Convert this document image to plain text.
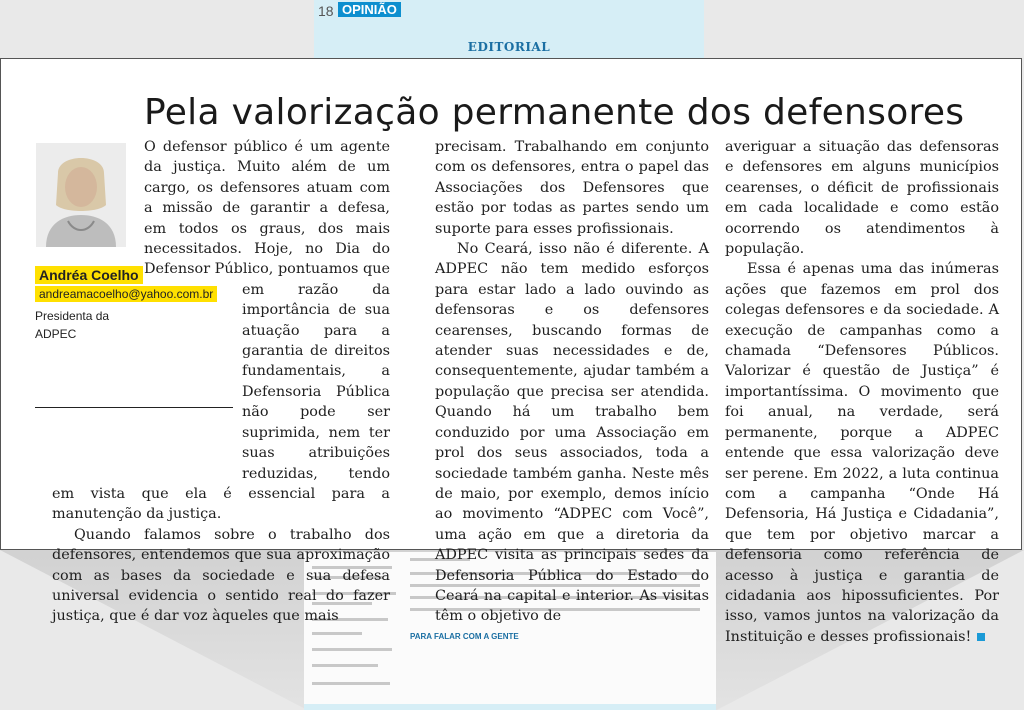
18 OPINIÃO
EDITORIAL
PARA FALAR COM A GENTE
Pela valorização permanente dos defensores
Andréa Coelho
andreamacoelho@yahoo.com.br
Presidenta da ADPEC

O defensor público é um agente da justiça. Muito além de um cargo, os defensores atuam com a missão de garantir a defesa, em todos os graus, dos mais necessitados. Hoje, no Dia do Defensor Público, pontuamos que em razão da importância de sua atuação para a garantia de direitos fundamentais, a Defensoria Pública não pode ser suprimida, nem ter suas atribuições reduzidas, tendo em vista que ela é essencial para a manutenção da justiça.

Quando falamos sobre o trabalho dos defensores, entendemos que sua aproximação com as bases da sociedade e sua defesa universal evidencia o sentido real do fazer justiça, que é dar voz àqueles que mais

precisam. Trabalhando em conjunto com os defensores, entra o papel das Associações dos Defensores que estão por todas as partes sendo um suporte para esses profissionais.

No Ceará, isso não é diferente. A ADPEC não tem medido esforços para estar lado a lado ouvindo as defensoras e os defensores cearenses, buscando formas de atender suas necessidades e de, consequentemente, ajudar também a população que precisa ser atendida. Quando há um trabalho bem conduzido por uma Associação em prol dos seus associados, toda a sociedade também ganha. Neste mês de maio, por exemplo, demos início ao movimento “ADPEC com Você”, uma ação em que a diretoria da ADPEC visita as principais sedes da Defensoria Pública do Estado do Ceará na capital e interior. As visitas têm o objetivo de

averiguar a situação das defensoras e defensores em alguns municípios cearenses, o déficit de profissionais em cada localidade e como estão ocorrendo os atendimentos à população.

Essa é apenas uma das inúmeras ações que fazemos em prol dos colegas defensores e da sociedade. A execução de campanhas como a chamada “Defensores Públicos. Valorizar é questão de Justiça” é importantíssima. O movimento que foi anual, na verdade, será permanente, porque a ADPEC entende que essa valorização deve ser perene. Em 2022, a luta continua com a campanha “Onde Há Defensoria, Há Justiça e Cidadania”, que tem por objetivo marcar a defensoria como referência de acesso à justiça e garantia de cidadania aos hipossuficientes. Por isso, vamos juntos na valorização da Instituição e desses profissionais!
